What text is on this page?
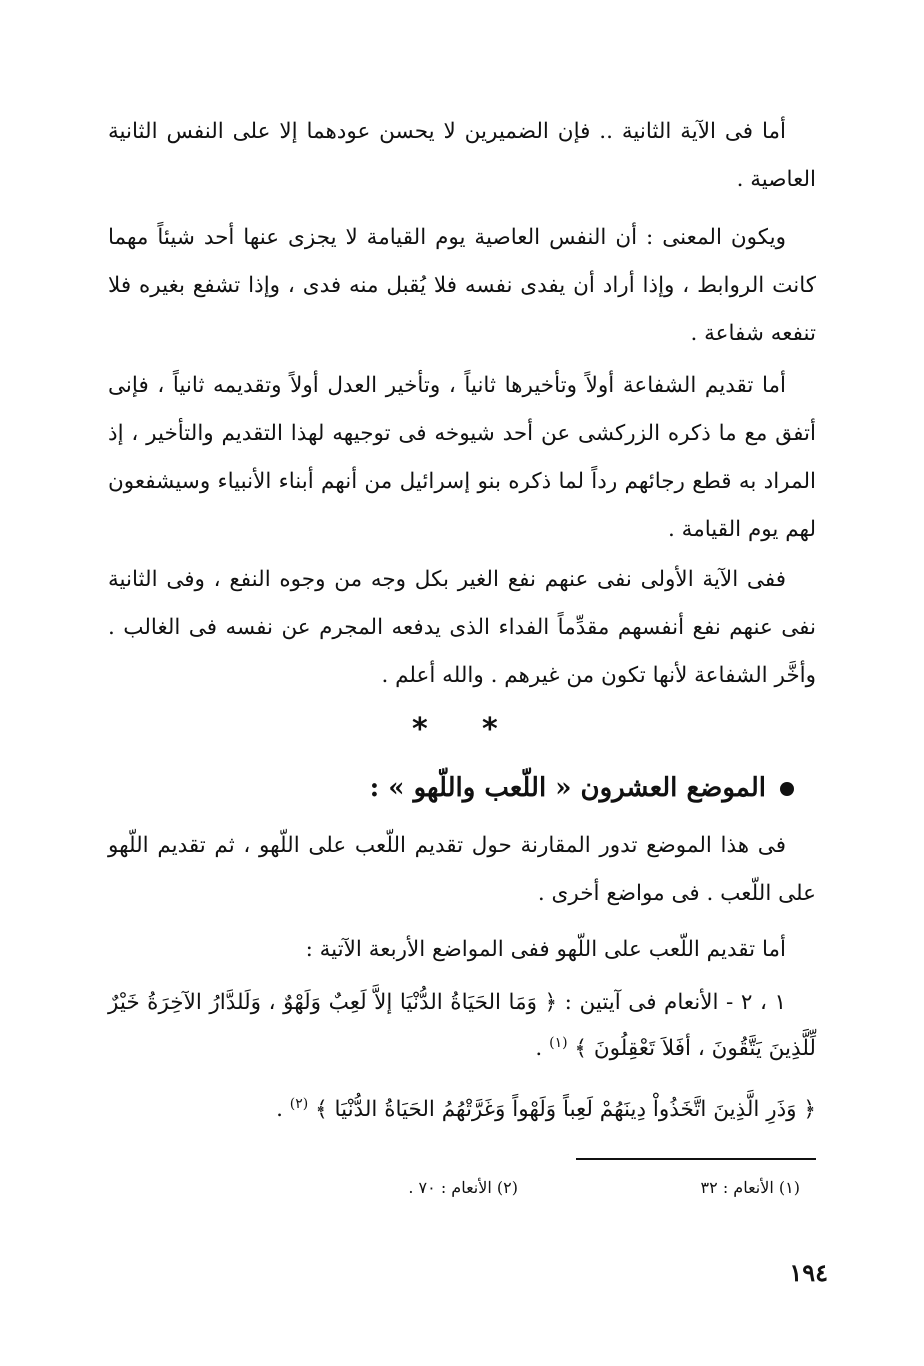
أما فى الآية الثانية .. فإن الضميرين لا يحسن عودهما إلا على النفس الثانية العاصية .

ويكون المعنى : أن النفس العاصية يوم القيامة لا يجزى عنها أحد شيئاً مهما كانت الروابط ، وإذا أراد أن يفدى نفسه فلا يُقبل منه فدى ، وإذا تشفع بغيره فلا تنفعه شفاعة .

أما تقديم الشفاعة أولاً وتأخيرها ثانياً ، وتأخير العدل أولاً وتقديمه ثانياً ، فإنى أتفق مع ما ذكره الزركشى عن أحد شيوخه فى توجيهه لهذا التقديم والتأخير ، إذ المراد به قطع رجائهم رداً لما ذكره بنو إسرائيل من أنهم أبناء الأنبياء وسيشفعون لهم يوم القيامة .

ففى الآية الأولى نفى عنهم نفع الغير بكل وجه من وجوه النفع ، وفى الثانية نفى عنهم نفع أنفسهم مقدِّماً الفداء الذى يدفعه المجرم عن نفسه فى الغالب . وأخَّر الشفاعة لأنها تكون من غيرهم . والله أعلم .

* *
الموضع العشرون « اللّعب واللّهو » :

فى هذا الموضع تدور المقارنة حول تقديم اللّعب على اللّهو ، ثم تقديم اللّهو على اللّعب . فى مواضع أخرى .

أما تقديم اللّعب على اللّهو ففى المواضع الأربعة الآتية :

١ ، ٢ - الأنعام فى آيتين : ﴿ وَمَا الحَيَاةُ الدُّنْيَا إلاَّ لَعِبٌ وَلَهْوٌ ، وَلَلدَّارُ الآخِرَةُ خَيْرٌ لِّلَّذِينَ يَتَّقُونَ ، أفَلاَ تَعْقِلُونَ ﴾ $^{(١)}$ .

﴿ وَذَرِ الَّذِينَ اتَّخَذُواْ دِينَهُمْ لَعِباً وَلَهْواً وَغَرَّتْهُمُ الحَيَاةُ الدُّنْيَا ﴾ $^{(٢)}$ .

(١) الأنعام : ٣٢
(٢) الأنعام : ٧٠ .
١٩٤
